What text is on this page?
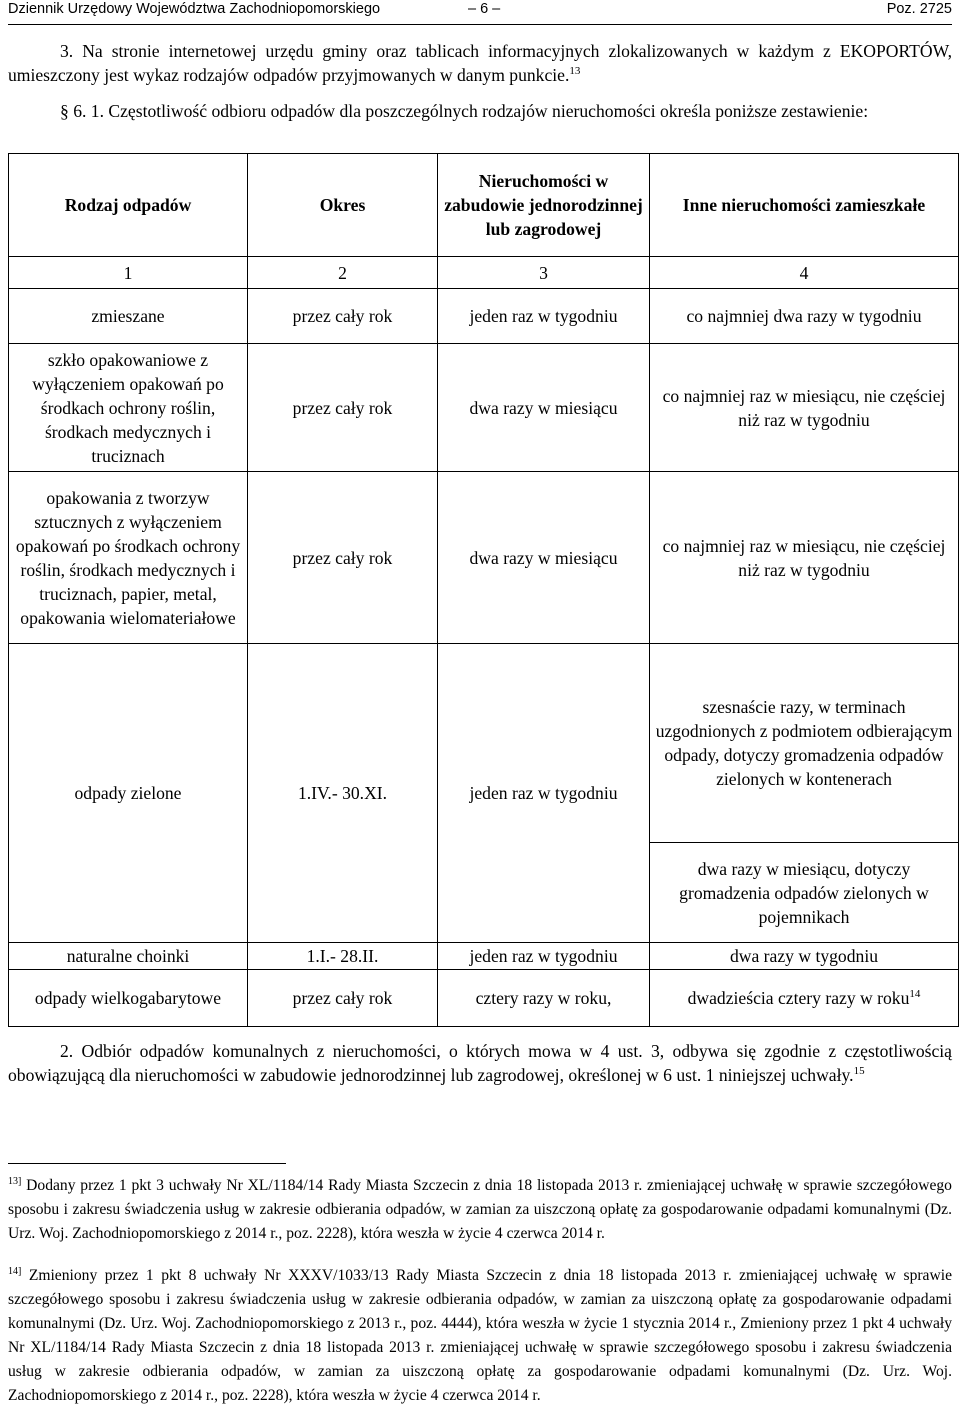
Dziennik Urzędowy Województwa Zachodniopomorskiego	– 6 –	Poz. 2725
3. Na stronie internetowej urzędu gminy oraz tablicach informacyjnych zlokalizowanych w każdym z EKOPORTÓW, umieszczony jest wykaz rodzajów odpadów przyjmowanych w danym punkcie.$^{13}$
§ 6. 1. Częstotliwość odbioru odpadów dla poszczególnych rodzajów nieruchomości określa poniższe zestawienie:
Rodzaj odpadów	Okres	Nieruchomości w zabudowie jednorodzinnej lub zagrodowej	Inne nieruchomości zamieszkałe
1	2	3	4
zmieszane	przez cały rok	jeden raz w tygodniu	co najmniej dwa razy w tygodniu
szkło opakowaniowe z wyłączeniem opakowań po środkach ochrony roślin, środkach medycznych i truciznach	przez cały rok	dwa razy w miesiącu	co najmniej raz w miesiącu, nie częściej niż raz w tygodniu
opakowania z tworzyw sztucznych z wyłączeniem opakowań po środkach ochrony roślin, środkach medycznych i truciznach, papier, metal, opakowania wielomateriałowe	przez cały rok	dwa razy w miesiącu	co najmniej raz w miesiącu, nie częściej niż raz w tygodniu
odpady zielone	1.IV.- 30.XI.	jeden raz w tygodniu	szesnaście razy, w terminach uzgodnionych z podmiotem odbierającym odpady, dotyczy gromadzenia odpadów zielonych w kontenerach
			dwa razy w miesiącu, dotyczy gromadzenia odpadów zielonych w pojemnikach
naturalne choinki	1.I.- 28.II.	jeden raz w tygodniu	dwa razy w tygodniu
odpady wielkogabarytowe	przez cały rok	cztery razy w roku,	dwadzieścia cztery razy w roku$^{14}$
2. Odbiór odpadów komunalnych z nieruchomości, o których mowa w 4 ust. 3, odbywa się zgodnie z częstotliwością obowiązującą dla nieruchomości w zabudowie jednorodzinnej lub zagrodowej, określonej w 6 ust. 1 niniejszej uchwały.$^{15}$
$^{13]}$ Dodany przez 1 pkt 3 uchwały Nr XL/1184/14 Rady Miasta Szczecin z dnia 18 listopada 2013 r. zmieniającej uchwałę w sprawie szczegółowego sposobu i zakresu świadczenia usług w zakresie odbierania odpadów, w zamian za uiszczoną opłatę za gospodarowanie odpadami komunalnymi (Dz. Urz. Woj. Zachodniopomorskiego z 2014 r., poz. 2228), która weszła w życie 4 czerwca 2014 r.
$^{14]}$ Zmieniony przez 1 pkt 8 uchwały Nr XXXV/1033/13 Rady Miasta Szczecin z dnia 18 listopada 2013 r. zmieniającej uchwałę w sprawie szczegółowego sposobu i zakresu świadczenia usług w zakresie odbierania odpadów, w zamian za uiszczoną opłatę za gospodarowanie odpadami komunalnymi (Dz. Urz. Woj. Zachodniopomorskiego z 2013 r., poz. 4444), która weszła w życie 1 stycznia 2014 r., Zmieniony przez 1 pkt 4 uchwały Nr XL/1184/14 Rady Miasta Szczecin z dnia 18 listopada 2013 r. zmieniającej uchwałę w sprawie szczegółowego sposobu i zakresu świadczenia usług w zakresie odbierania odpadów, w zamian za uiszczoną opłatę za gospodarowanie odpadami komunalnymi (Dz. Urz. Woj. Zachodniopomorskiego z 2014 r., poz. 2228), która weszła w życie 4 czerwca 2014 r.
